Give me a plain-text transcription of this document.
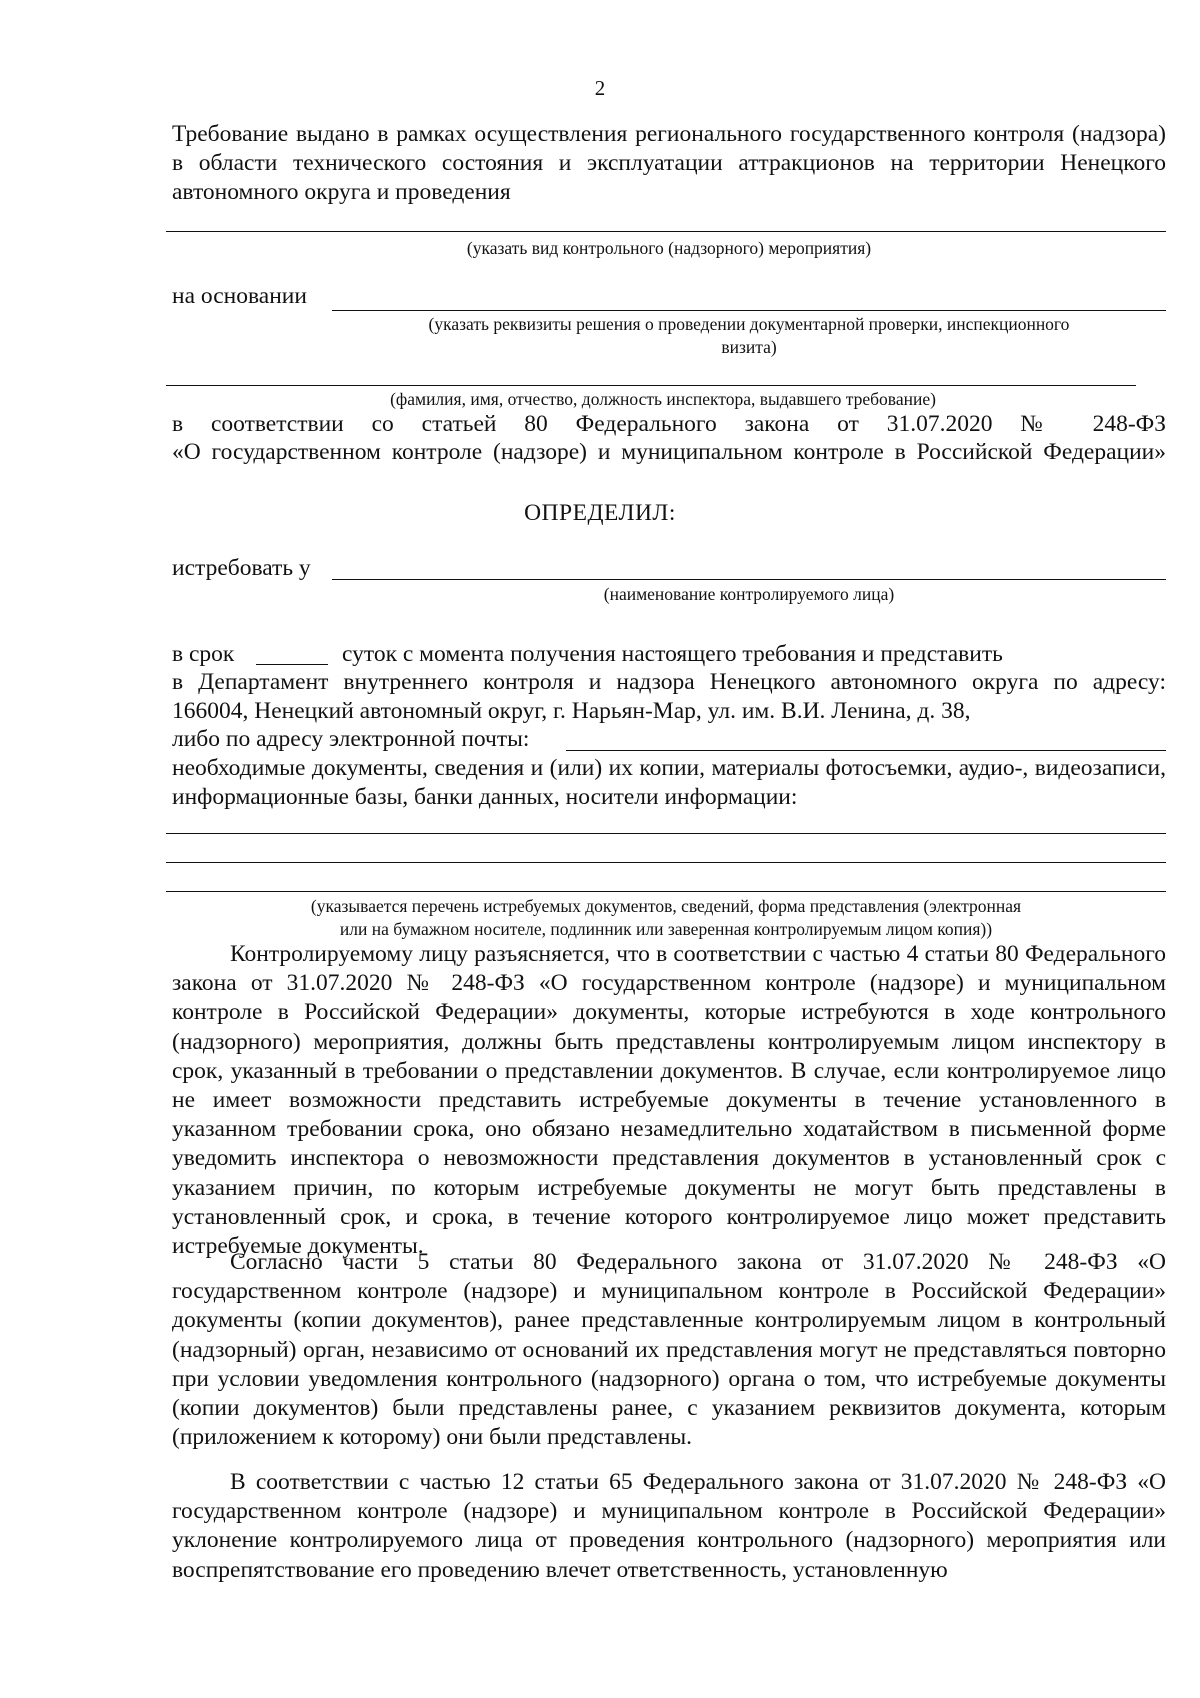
2
Требование выдано в рамках осуществления регионального государственного контроля (надзора) в области технического состояния и эксплуатации аттракционов на территории Ненецкого автономного округа и проведения
(указать вид контрольного (надзорного) мероприятия)
на основании
(указать реквизиты решения о проведении документарной проверки, инспекционного
визита)
(фамилия, имя, отчество, должность инспектора, выдавшего требование)
в соответствии со статьей 80 Федерального закона от 31.07.2020 № 248-ФЗ
«О государственном контроле (надзоре) и муниципальном контроле в Российской Федерации»
ОПРЕДЕЛИЛ:
истребовать у
(наименование контролируемого лица)
в срок	суток с момента получения настоящего требования и представить
в Департамент внутреннего контроля и надзора Ненецкого автономного округа по адресу:
166004, Ненецкий автономный округ, г. Нарьян-Мар, ул. им. В.И. Ленина, д. 38,
либо по адресу электронной почты:
необходимые документы, сведения и (или) их копии, материалы фотосъемки, аудио-, видеозаписи, информационные базы, банки данных, носители информации:
(указывается перечень истребуемых документов, сведений, форма представления (электронная
или на бумажном носителе, подлинник или заверенная контролируемым лицом копия))
Контролируемому лицу разъясняется, что в соответствии с частью 4 статьи 80 Федерального закона от 31.07.2020 № 248-ФЗ «О государственном контроле (надзоре) и муниципальном контроле в Российской Федерации» документы, которые истребуются в ходе контрольного (надзорного) мероприятия, должны быть представлены контролируемым лицом инспектору в срок, указанный в требовании о представлении документов. В случае, если контролируемое лицо не имеет возможности представить истребуемые документы в течение установленного в указанном требовании срока, оно обязано незамедлительно ходатайством в письменной форме уведомить инспектора о невозможности представления документов в установленный срок с указанием причин, по которым истребуемые документы не могут быть представлены в установленный срок, и срока, в течение которого контролируемое лицо может представить истребуемые документы.
Согласно части 5 статьи 80 Федерального закона от 31.07.2020 № 248-ФЗ «О государственном контроле (надзоре) и муниципальном контроле в Российской Федерации» документы (копии документов), ранее представленные контролируемым лицом в контрольный (надзорный) орган, независимо от оснований их представления могут не представляться повторно при условии уведомления контрольного (надзорного) органа о том, что истребуемые документы (копии документов) были представлены ранее, с указанием реквизитов документа, которым (приложением к которому) они были представлены.
В соответствии с частью 12 статьи 65 Федерального закона от 31.07.2020 № 248-ФЗ «О государственном контроле (надзоре) и муниципальном контроле в Российской Федерации» уклонение контролируемого лица от проведения контрольного (надзорного) мероприятия или воспрепятствование его проведению влечет ответственность, установленную
